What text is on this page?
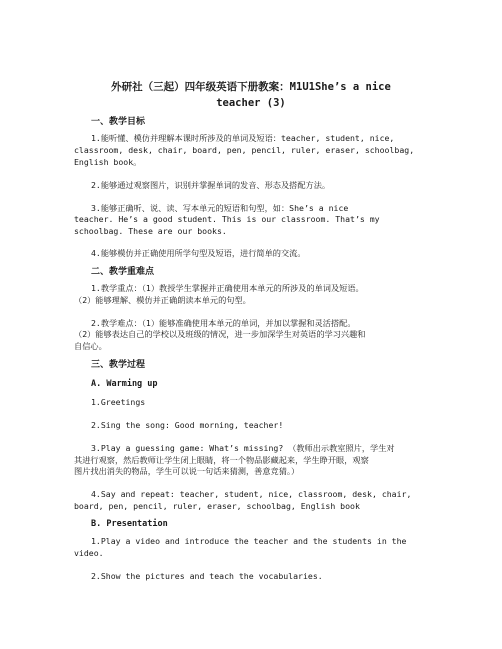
外研社（三起）四年级英语下册教案：M1U1She’s a nice
teacher (3)
一、教学目标
1.能听懂、模仿并理解本课时所涉及的单词及短语：teacher, student, nice,
classroom, desk, chair, board, pen, pencil, ruler, eraser, schoolbag,
English book。
2.能够通过观察图片，识别并掌握单词的发音、形态及搭配方法。
3.能够正确听、说、读、写本单元的短语和句型，如：She’s a nice
teacher. He’s a good student. This is our classroom. That’s my
schoolbag. These are our books.
4.能够模仿并正确使用所学句型及短语，进行简单的交流。
二、教学重难点
1.教学重点：（1）教授学生掌握并正确使用本单元的所涉及的单词及短语。
（2）能够理解、模仿并正确朗读本单元的句型。
2.教学难点：（1）能够准确使用本单元的单词，并加以掌握和灵活搭配。
（2）能够表达自己的学校以及班级的情况，进一步加深学生对英语的学习兴趣和
自信心。
三、教学过程
A. Warming up
1.Greetings
2.Sing the song: Good morning, teacher!
3.Play a guessing game: What’s missing? （教师出示教室照片，学生对
其进行观察，然后教师让学生闭上眼睛，将一个物品影藏起来，学生睁开眼，观察
图片找出消失的物品，学生可以说一句话来猜测，善意竞猜。）
4.Say and repeat: teacher, student, nice, classroom, desk, chair,
board, pen, pencil, ruler, eraser, schoolbag, English book
B. Presentation
1.Play a video and introduce the teacher and the students in the
video.
2.Show the pictures and teach the vocabularies.
